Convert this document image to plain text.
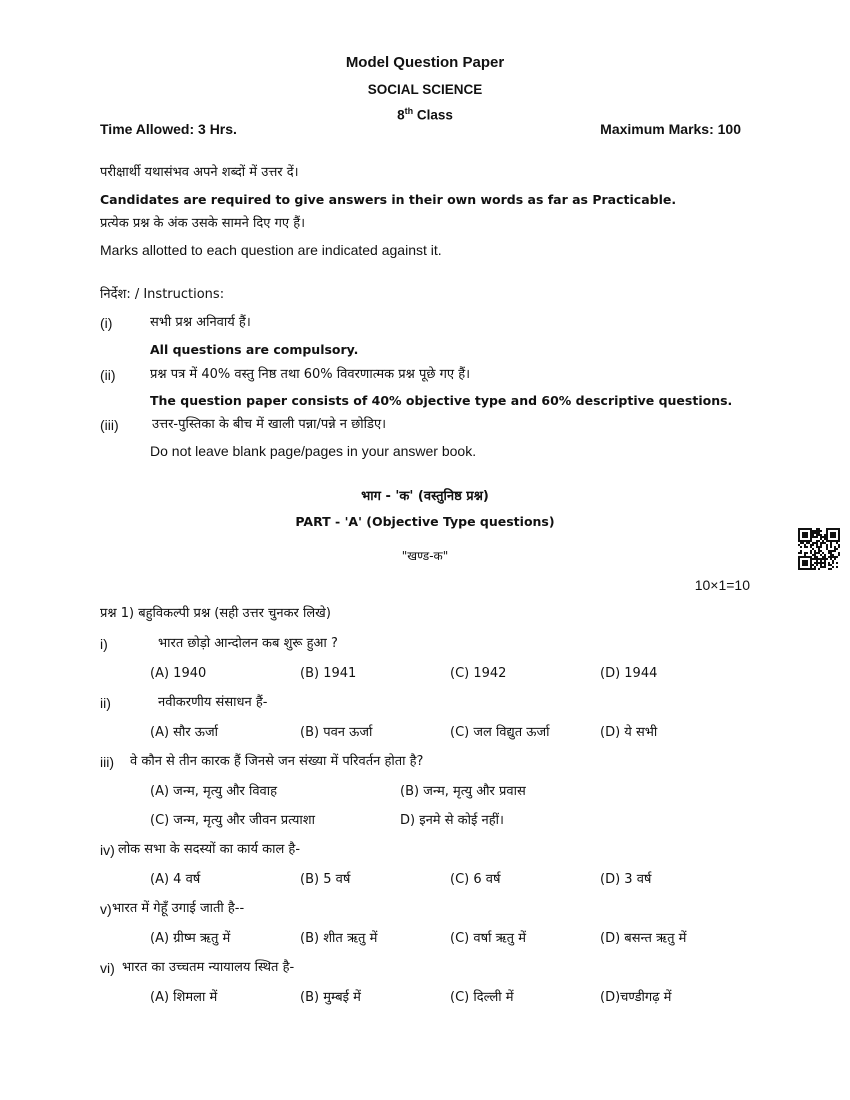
Model Question Paper
SOCIAL SCIENCE
8th Class
Time Allowed: 3 Hrs.	Maximum Marks: 100
परीक्षार्थी यथासंभव अपने शब्दों में उत्तर दें।
Candidates are required to give answers in their own words as far as Practicable.
प्रत्येक प्रश्न के अंक उसके सामने दिए गए हैं।
Marks allotted to each question are indicated against it.
निर्देश: / Instructions:
(i)	सभी प्रश्न अनिवार्य हैं।
All questions are compulsory.
(ii)	प्रश्न पत्र में 40% वस्तु निष्ठ तथा 60% विवरणात्मक प्रश्न पूछे गए हैं।
The question paper consists of 40% objective type and 60% descriptive questions.
(iii)	उत्तर-पुस्तिका के बीच में खाली पन्ना/पन्ने न छोडिए।
Do not leave blank page/pages in your answer book.
भाग - 'क' (वस्तुनिष्ठ प्रश्न)
PART - 'A' (Objective Type questions)
"खण्ड-क"
10×1=10
प्रश्न 1) बहुविकल्पी प्रश्न (सही उत्तर चुनकर लिखे)
i)	भारत छोड़ो आन्दोलन कब शुरू हुआ ?
(A) 1940	(B) 1941	(C) 1942	(D) 1944
ii)	नवीकरणीय संसाधन हैं-
(A) सौर ऊर्जा	(B) पवन ऊर्जा	(C) जल विद्युत ऊर्जा	(D) ये सभी
iii) वे कौन से तीन कारक हैं जिनसे जन संख्या में परिवर्तन होता है?
(A) जन्म, मृत्यु और विवाह	(B) जन्म, मृत्यु और प्रवास
(C) जन्म, मृत्यु और जीवन प्रत्याशा	D) इनमे से कोई नहीं।
iv) लोक सभा के सदस्यों का कार्य काल है-
(A) 4 वर्ष	(B) 5 वर्ष	(C) 6 वर्ष	(D) 3 वर्ष
v) भारत में गेहूँ उगाई जाती है--
(A) ग्रीष्म ऋतु में	(B) शीत ऋतु में	(C) वर्षा ऋतु में	(D) बसन्त ऋतु में
vi) भारत का उच्चतम न्यायालय स्थित है-
(A) शिमला में	(B) मुम्बई में	(C) दिल्ली में	(D)चण्डीगढ़ में
